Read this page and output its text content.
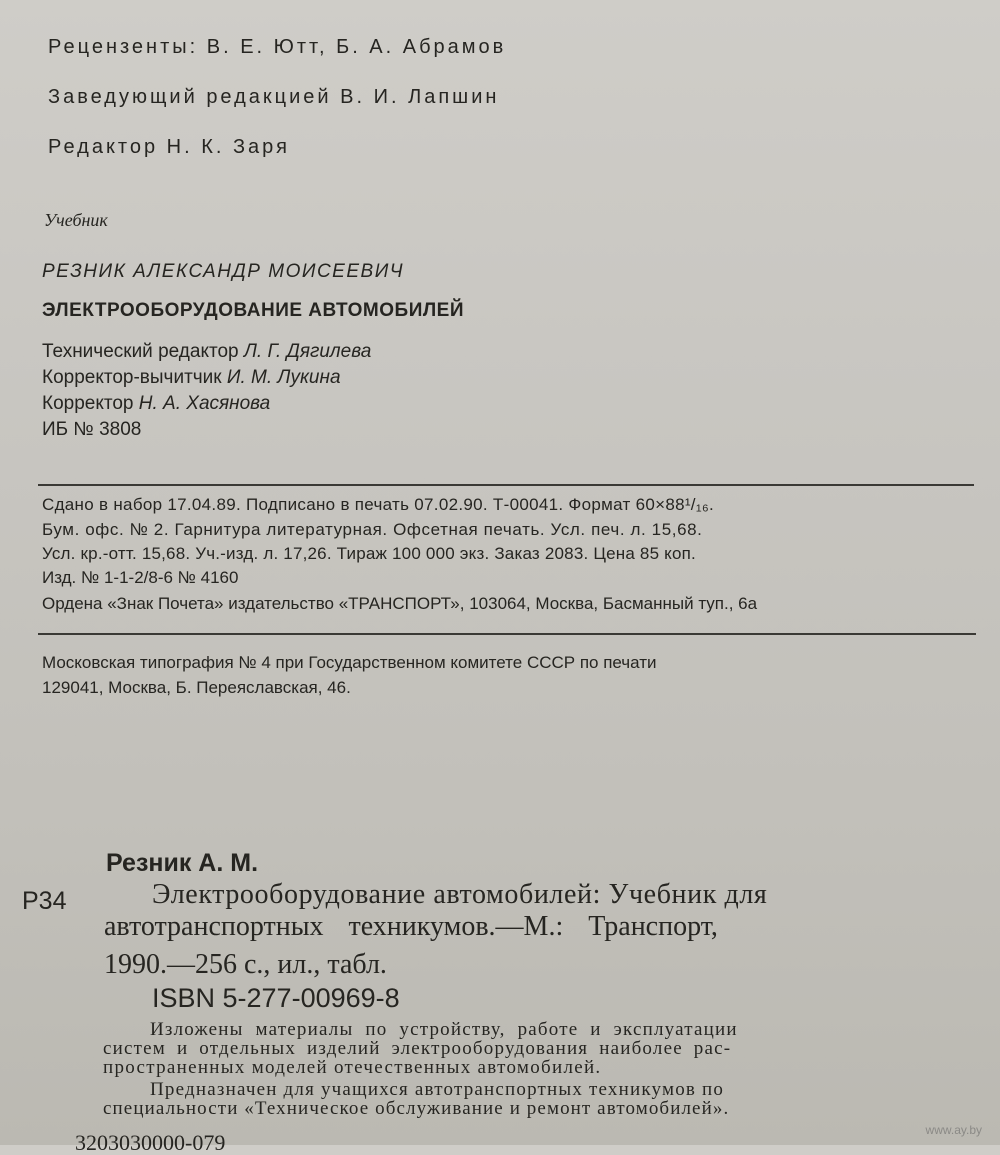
Рецензенты: В. Е. Ютт, Б. А. Абрамов
Заведующий редакцией В. И. Лапшин
Редактор Н. К. Заря
Учебник
РЕЗНИК АЛЕКСАНДР МОИСЕЕВИЧ
ЭЛЕКТРООБОРУДОВАНИЕ АВТОМОБИЛЕЙ
Технический редактор Л. Г. Дягилева
Корректор-вычитчик И. М. Лукина
Корректор Н. А. Хасянова
ИБ № 3808
Сдано в набор 17.04.89. Подписано в печать 07.02.90. Т-00041. Формат 60×88¹/₁₆.
Бум. офс. № 2. Гарнитура литературная. Офсетная печать. Усл. печ. л. 15,68.
Усл. кр.-отт. 15,68. Уч.-изд. л. 17,26. Тираж 100 000 экз. Заказ 2083. Цена 85 коп.
Изд. № 1-1-2/8-6 № 4160
Ордена «Знак Почета» издательство «ТРАНСПОРТ», 103064, Москва, Басманный туп., 6а
Московская типография № 4 при Государственном комитете СССР по печати
129041, Москва, Б. Переяславская, 46.
Резник А. М.
Р34	Электрооборудование автомобилей: Учебник для
автотранспортных техникумов.—М.: Транспорт,
1990.—256 с., ил., табл.
ISBN 5-277-00969-8
Изложены материалы по устройству, работе и эксплуатации
систем и отдельных изделий электрооборудования наиболее рас-
пространенных моделей отечественных автомобилей.
Предназначен для учащихся автотранспортных техникумов по
специальности «Техническое обслуживание и ремонт автомобилей».
3203030000-079	www.ay.by
